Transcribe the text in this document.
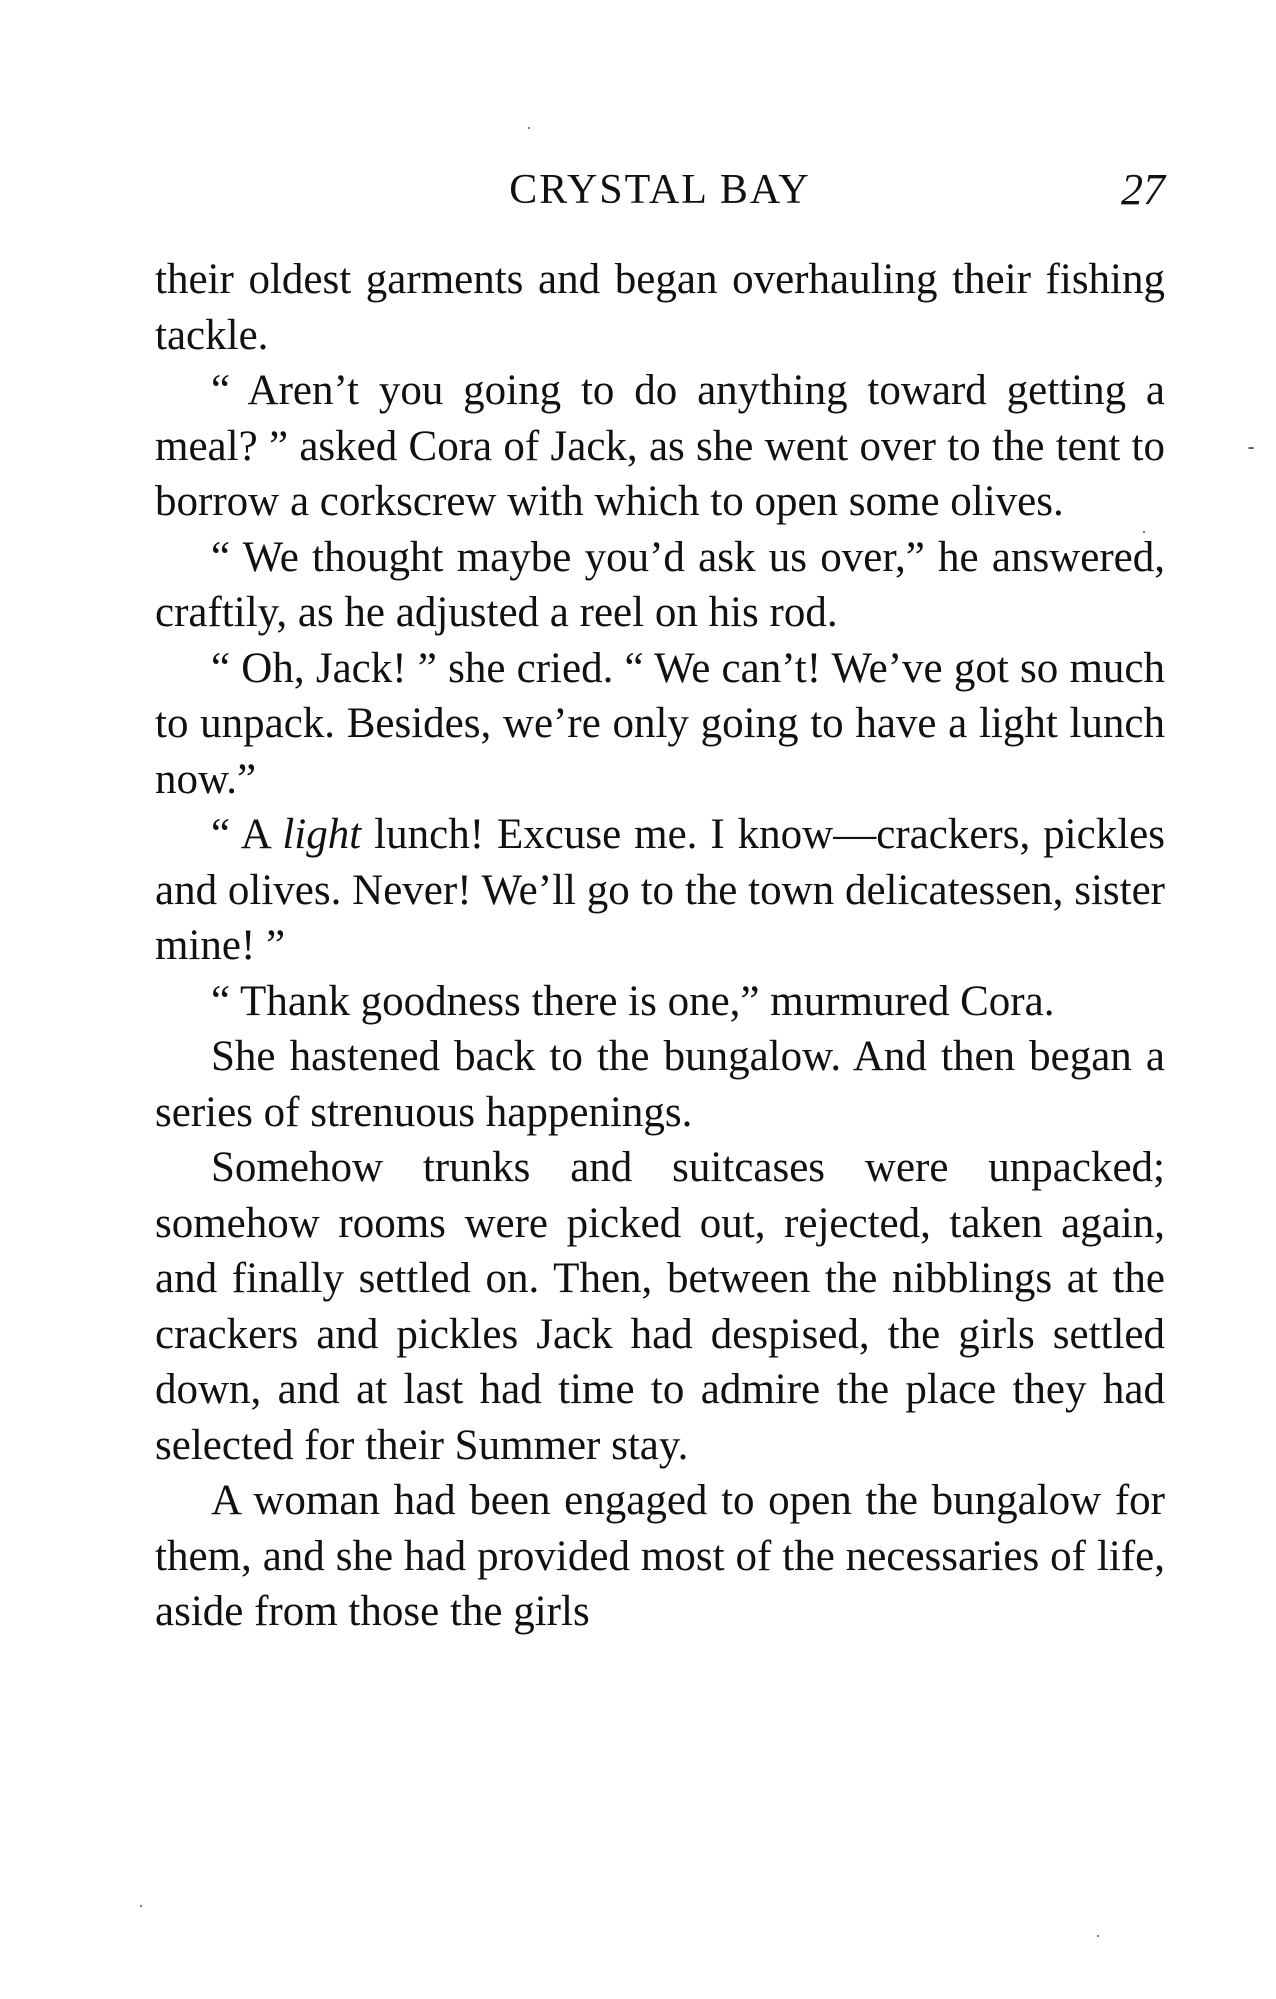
CRYSTAL BAY	27

their oldest garments and began overhauling their fishing tackle.

“ Aren’t you going to do anything toward getting a meal? ” asked Cora of Jack, as she went over to the tent to borrow a corkscrew with which to open some olives.

“ We thought maybe you’d ask us over,” he answered, craftily, as he adjusted a reel on his rod.

“ Oh, Jack! ” she cried. “ We can’t! We’ve got so much to unpack. Besides, we’re only going to have a light lunch now.”

“ A light lunch! Excuse me. I know—crackers, pickles and olives. Never! We’ll go to the town delicatessen, sister mine! ”

“ Thank goodness there is one,” murmured Cora.

She hastened back to the bungalow. And then began a series of strenuous happenings.

Somehow trunks and suitcases were unpacked; somehow rooms were picked out, rejected, taken again, and finally settled on. Then, between the nibblings at the crackers and pickles Jack had despised, the girls settled down, and at last had time to admire the place they had selected for their Summer stay.

A woman had been engaged to open the bungalow for them, and she had provided most of the necessaries of life, aside from those the girls
